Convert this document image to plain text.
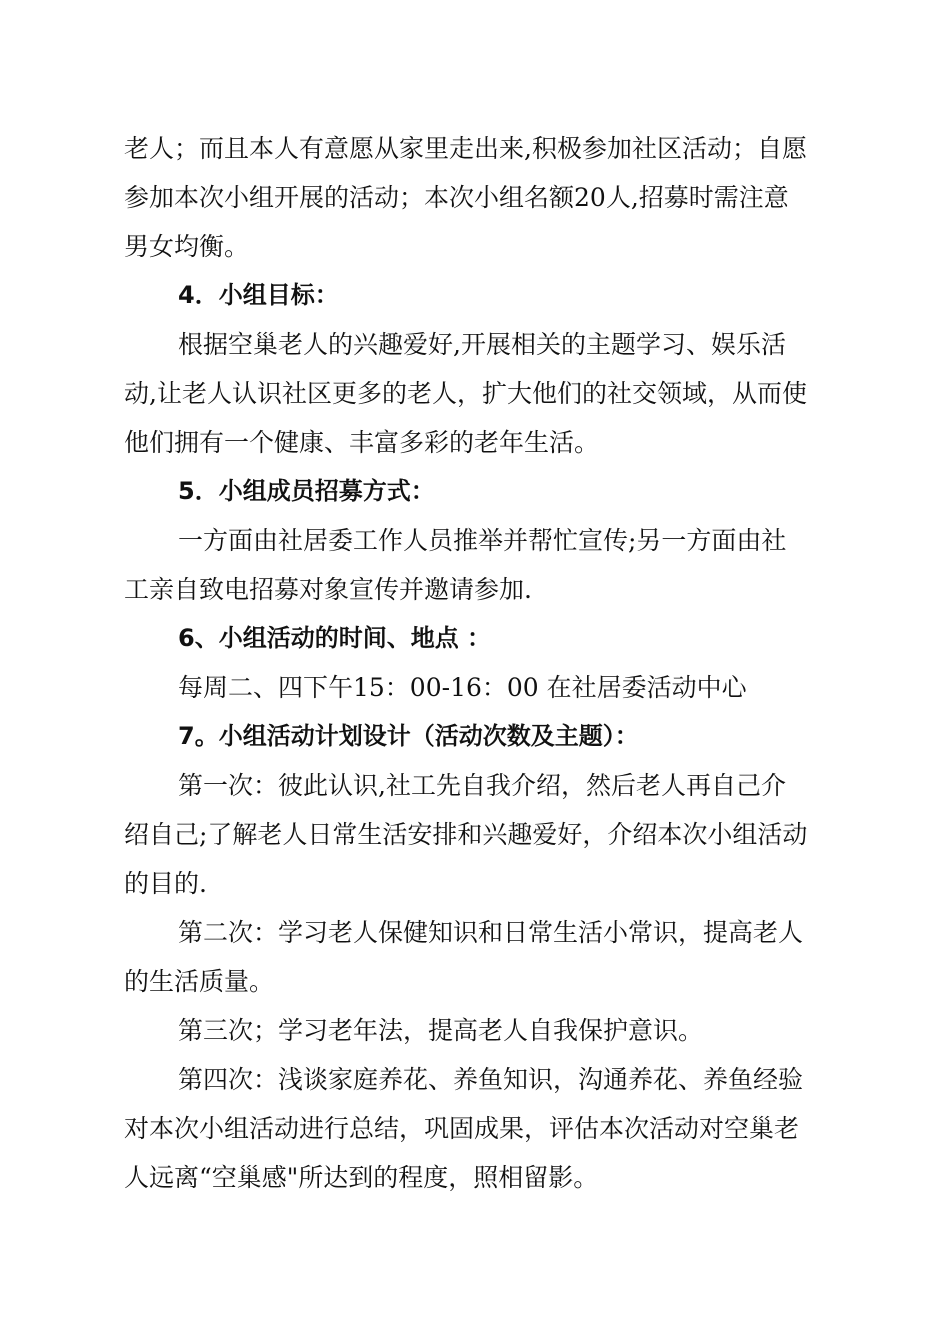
老人；而且本人有意愿从家里走出来,积极参加社区活动；自愿
参加本次小组开展的活动；本次小组名额20人,招募时需注意
男女均衡。
4．小组目标：
根据空巢老人的兴趣爱好,开展相关的主题学习、娱乐活
动,让老人认识社区更多的老人，扩大他们的社交领域，从而使
他们拥有一个健康、丰富多彩的老年生活。
5．小组成员招募方式：
一方面由社居委工作人员推举并帮忙宣传;另一方面由社
工亲自致电招募对象宣传并邀请参加.
6、小组活动的时间、地点 ：
每周二、四下午15：00-16：00 在社居委活动中心
7。小组活动计划设计（活动次数及主题）：
第一次：彼此认识,社工先自我介绍，然后老人再自己介
绍自己;了解老人日常生活安排和兴趣爱好，介绍本次小组活动
的目的.
第二次：学习老人保健知识和日常生活小常识，提高老人
的生活质量。
第三次；学习老年法，提高老人自我保护意识。
第四次：浅谈家庭养花、养鱼知识，沟通养花、养鱼经验
对本次小组活动进行总结，巩固成果，评估本次活动对空巢老
人远离“空巢感"所达到的程度，照相留影。
